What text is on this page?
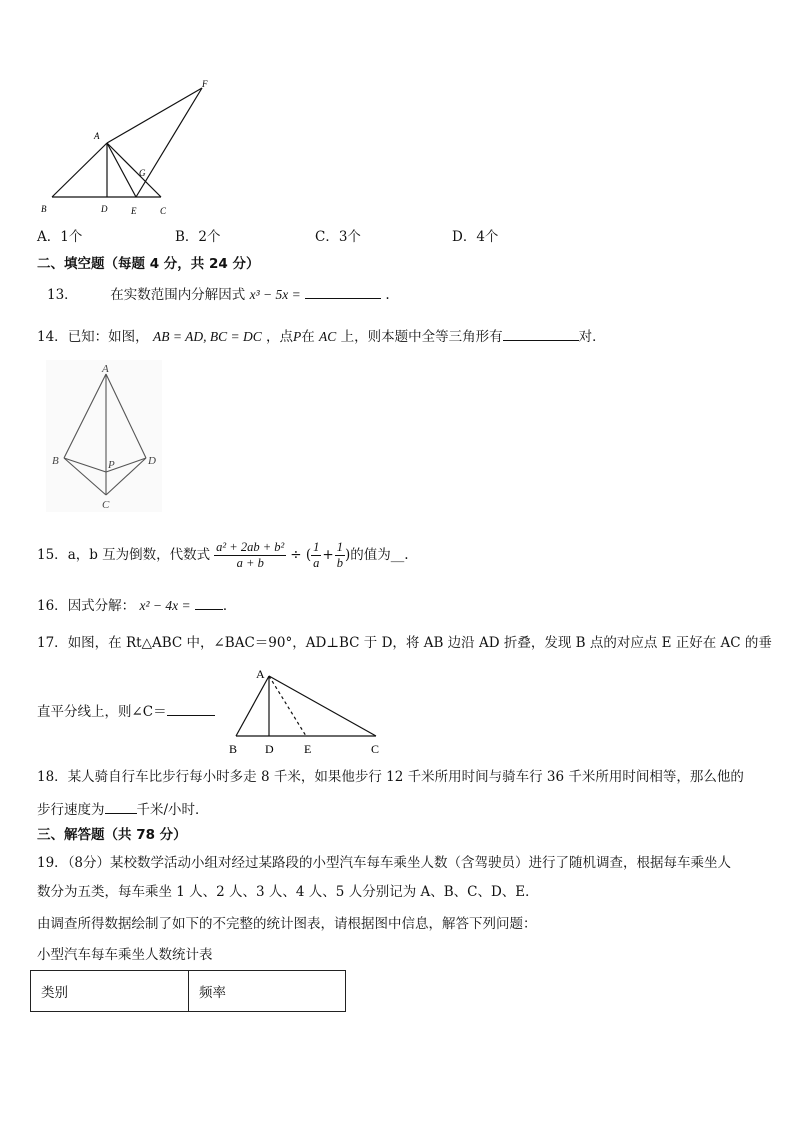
F
A
G
B	D	E	C
A．1个	B．2个	C．3个	D．4个
二、填空题（每题 4 分，共 24 分）
13． 在实数范围内分解因式 x³ − 5x =	.
14．已知：如图， AB = AD, BC = DC ，点P在 AC 上，则本题中全等三角形有	对．
A
B	P	D
C
15． a，b 互为倒数，代数式 $\frac{\text{a² + 2ab + b²}}{a + b}$ ÷ ( $\frac{1}{a} + \frac{1}{b}$ ) 的值为__.
16．因式分解： x² − 4x = ．
17．如图，在 Rt△ABC 中，∠BAC＝90°，AD⊥BC 于 D，将 AB 边沿 AD 折叠，发现 B 点的对应点 E 正好在 AC 的垂
直平分线上，则∠C＝
A
B D	E	C
18．某人骑自行车比步行每小时多走 8 千米，如果他步行 12 千米所用时间与骑车行 36 千米所用时间相等，那么他的
步行速度为 千米/小时．
三、解答题（共 78 分）
19．（8分）某校数学活动小组对经过某路段的小型汽车每车乘坐人数（含驾驶员）进行了随机调查，根据每车乘坐人
数分为五类，每车乘坐 1 人、2 人、3 人、4 人、5 人分别记为 A、B、C、D、E．
由调查所得数据绘制了如下的不完整的统计图表，请根据图中信息，解答下列问题：
小型汽车每车乘坐人数统计表
类别	频率
